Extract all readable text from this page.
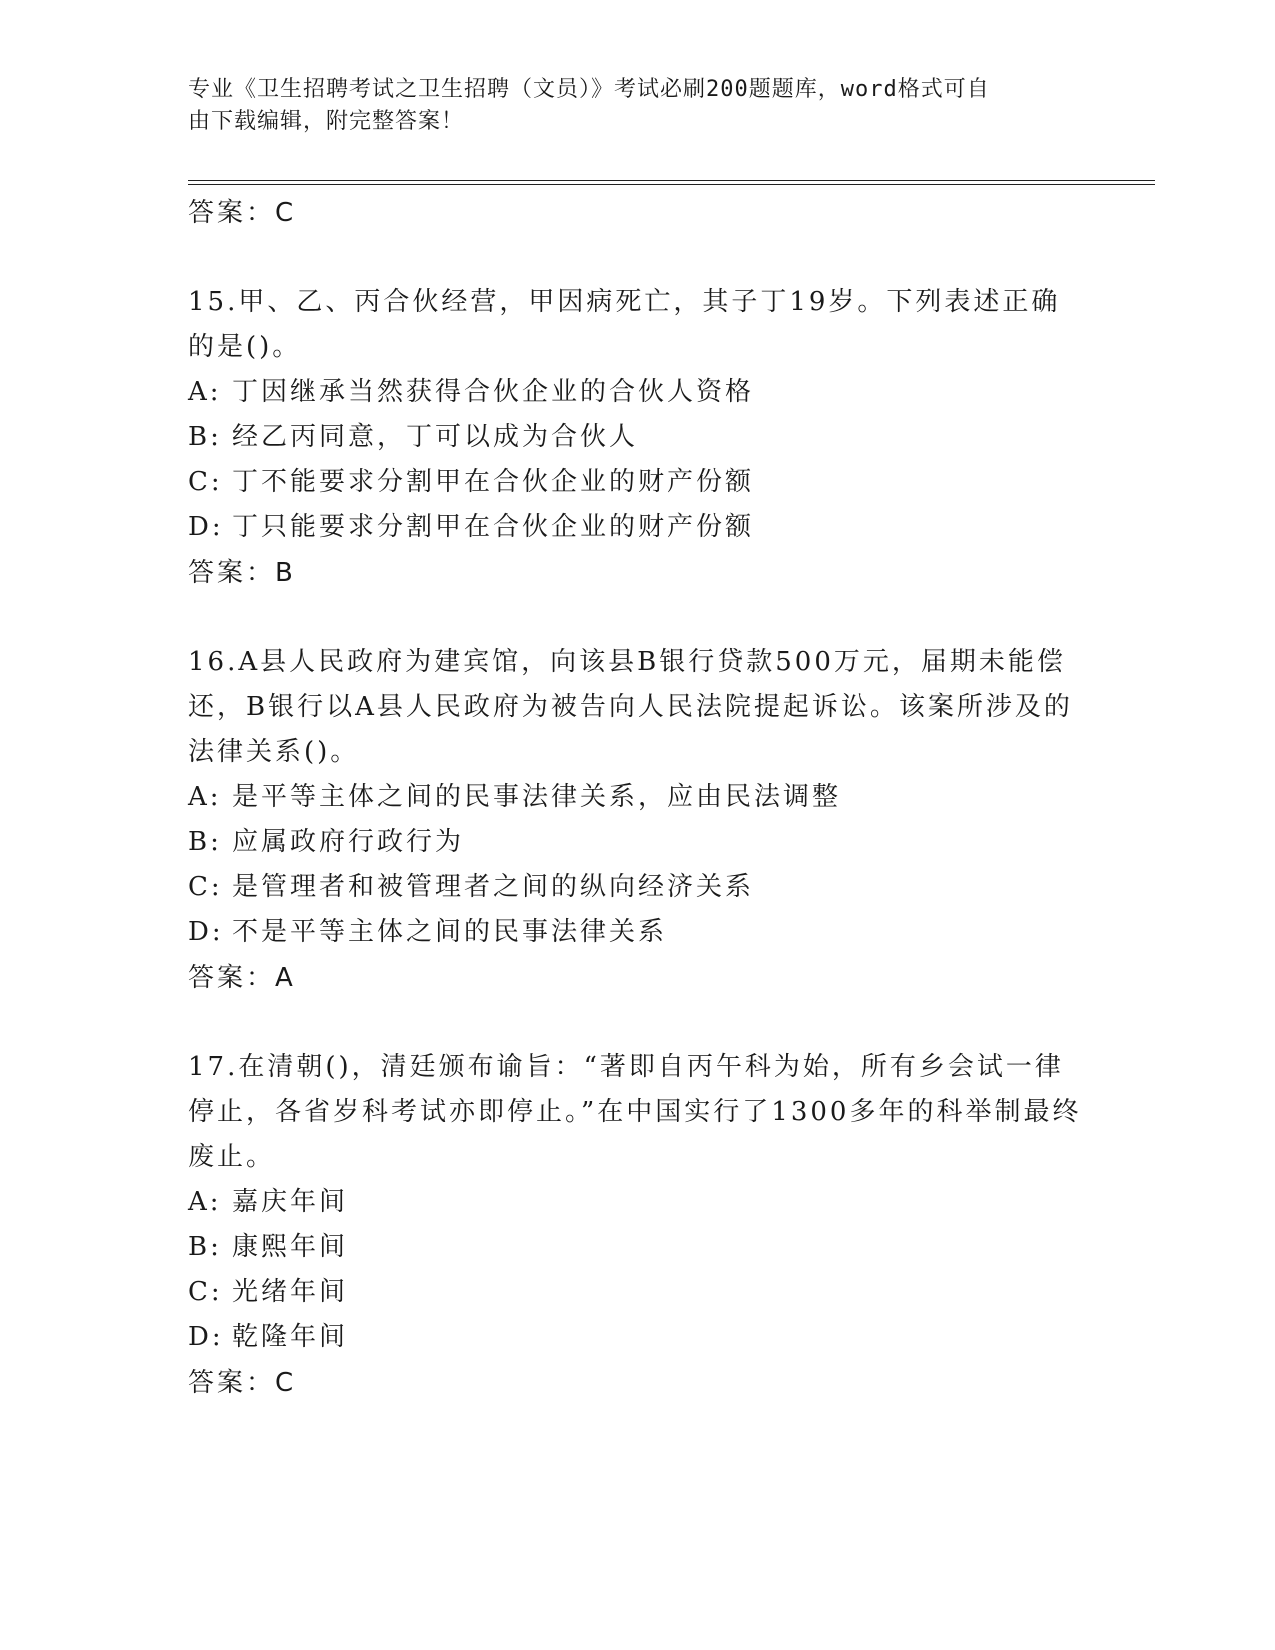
专业《卫生招聘考试之卫生招聘（文员）》考试必刷200题题库，word格式可自
由下载编辑，附完整答案！
答案：C
15.甲、乙、丙合伙经营，甲因病死亡，其子丁19岁。下列表述正确的是()。
A: 丁因继承当然获得合伙企业的合伙人资格
B: 经乙丙同意，丁可以成为合伙人
C: 丁不能要求分割甲在合伙企业的财产份额
D: 丁只能要求分割甲在合伙企业的财产份额
答案：B
16.A县人民政府为建宾馆，向该县B银行贷款500万元，届期未能偿还，B银行以A县人民政府为被告向人民法院提起诉讼。该案所涉及的法律关系()。
A: 是平等主体之间的民事法律关系，应由民法调整
B: 应属政府行政行为
C: 是管理者和被管理者之间的纵向经济关系
D: 不是平等主体之间的民事法律关系
答案：A
17.在清朝()，清廷颁布谕旨：“著即自丙午科为始，所有乡会试一律停止，各省岁科考试亦即停止。”在中国实行了1300多年的科举制最终废止。
A: 嘉庆年间
B: 康熙年间
C: 光绪年间
D: 乾隆年间
答案：C
